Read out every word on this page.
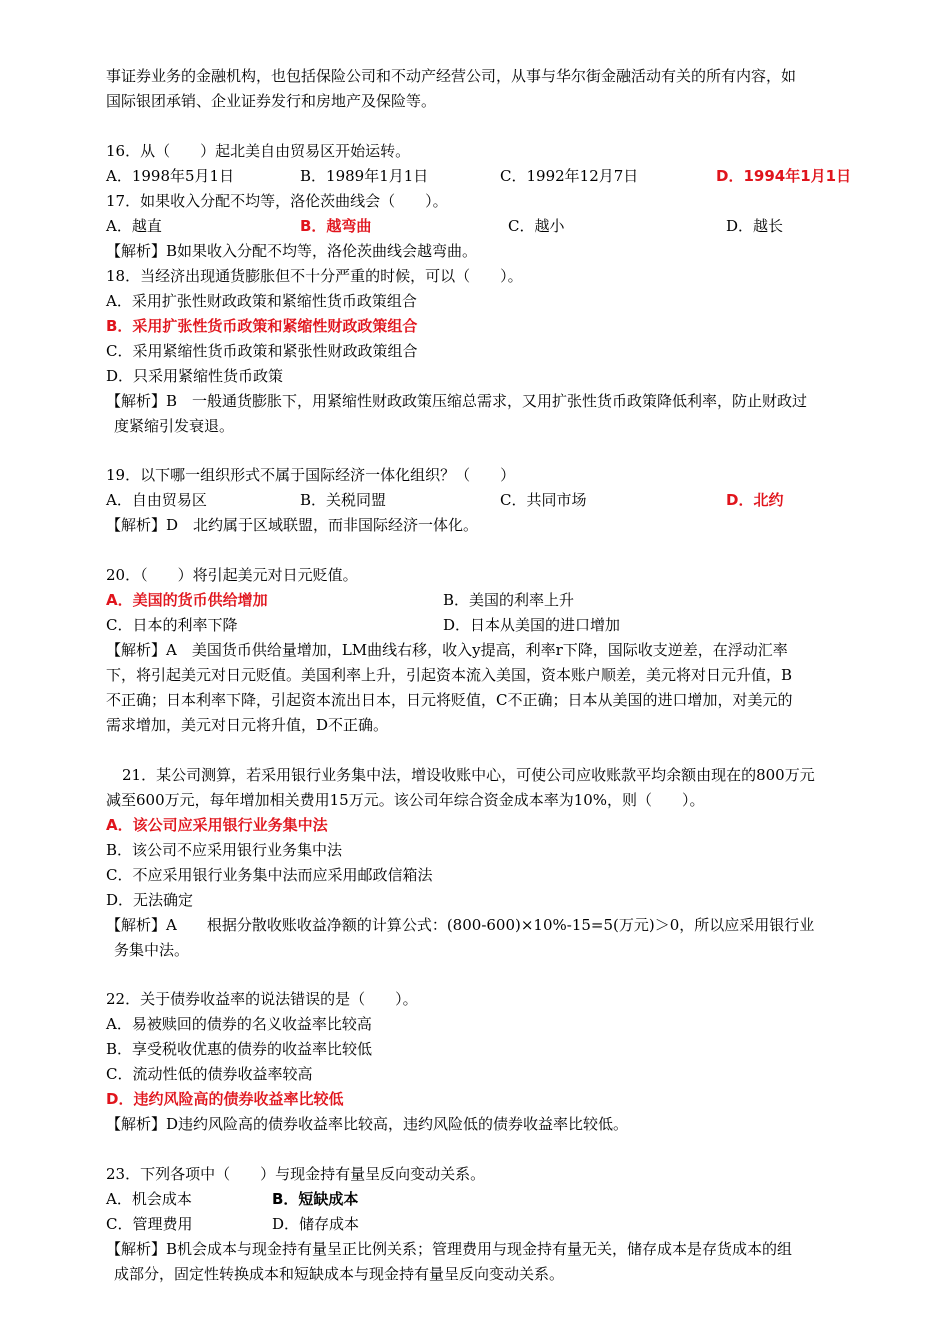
事证券业务的金融机构，也包括保险公司和不动产经营公司，从事与华尔街金融活动有关的所有内容，如
国际银团承销、企业证券发行和房地产及保险等。
16．从（　　）起北美自由贸易区开始运转。
A．1998年5月1日	B．1989年1月1日	C．1992年12月7日	D．1994年1月1日
17．如果收入分配不均等，洛伦茨曲线会（　　）。
A．越直	B．越弯曲	C．越小	D．越长
【解析】B如果收入分配不均等，洛伦茨曲线会越弯曲。
18．当经济出现通货膨胀但不十分严重的时候，可以（　　）。
A．采用扩张性财政政策和紧缩性货币政策组合
B．采用扩张性货币政策和紧缩性财政政策组合
C．采用紧缩性货币政策和紧张性财政政策组合
D．只采用紧缩性货币政策
【解析】B　一般通货膨胀下，用紧缩性财政政策压缩总需求，又用扩张性货币政策降低利率，防止财政过
度紧缩引发衰退。
19．以下哪一组织形式不属于国际经济一体化组织？（　　）
A．自由贸易区	B．关税同盟	C．共同市场	D．北约
【解析】D　北约属于区域联盟，而非国际经济一体化。
20．（　　）将引起美元对日元贬值。
A．美国的货币供给增加	B．美国的利率上升
C．日本的利率下降	D．日本从美国的进口增加
【解析】A　美国货币供给量增加，LM曲线右移，收入y提高，利率r下降，国际收支逆差，在浮动汇率
下，将引起美元对日元贬值。美国利率上升，引起资本流入美国，资本账户顺差，美元将对日元升值，B
不正确；日本利率下降，引起资本流出日本，日元将贬值，C不正确；日本从美国的进口增加，对美元的
需求增加，美元对日元将升值，D不正确。
21．某公司测算，若采用银行业务集中法，增设收账中心，可使公司应收账款平均余额由现在的800万元
减至600万元，每年增加相关费用15万元。该公司年综合资金成本率为10%，则（　　）。
A．该公司应采用银行业务集中法
B．该公司不应采用银行业务集中法
C．不应采用银行业务集中法而应采用邮政信箱法
D．无法确定
【解析】A　　根据分散收账收益净额的计算公式：(800-600)×10%-15=5(万元)＞0，所以应采用银行业
务集中法。
22．关于债券收益率的说法错误的是（　　）。
A．易被赎回的债券的名义收益率比较高
B．享受税收优惠的债券的收益率比较低
C．流动性低的债券收益率较高
D．违约风险高的债券收益率比较低
【解析】D违约风险高的债券收益率比较高，违约风险低的债券收益率比较低。
23．下列各项中（　　）与现金持有量呈反向变动关系。
A．机会成本	B．短缺成本
C．管理费用	D．储存成本
【解析】B机会成本与现金持有量呈正比例关系；管理费用与现金持有量无关，储存成本是存货成本的组
成部分，固定性转换成本和短缺成本与现金持有量呈反向变动关系。
